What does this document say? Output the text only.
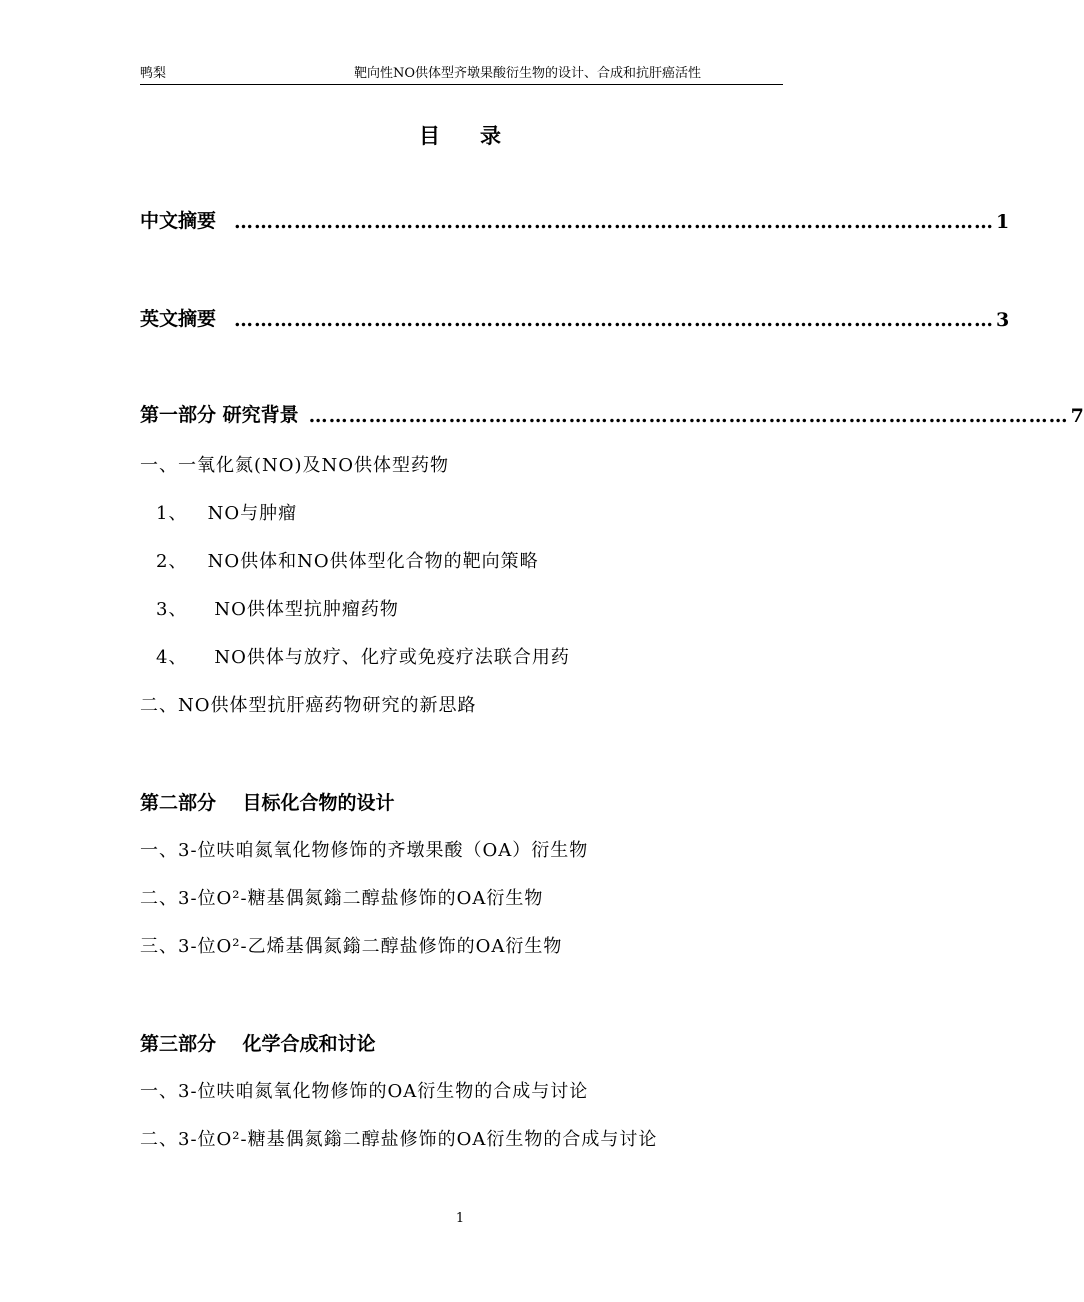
鸭梨	靶向性NO供体型齐墩果酸衍生物的设计、合成和抗肝癌活性
目录
中文摘要 …………………………………………………………………………………………………… 1
英文摘要 …………………………………………………………………………………………………… 3
第一部分 研究背景 …………………………………………………………………………………………………… 7
一、一氧化氮(NO)及NO供体型药物
1、   NO与肿瘤
2、   NO供体和NO供体型化合物的靶向策略
3、    NO供体型抗肿瘤药物
4、    NO供体与放疗、化疗或免疫疗法联合用药
二、NO供体型抗肝癌药物研究的新思路
第二部分    目标化合物的设计
一、3-位呋咱氮氧化物修饰的齐墩果酸（OA）衍生物
二、3-位O²-糖基偶氮鎓二醇盐修饰的OA衍生物
三、3-位O²-乙烯基偶氮鎓二醇盐修饰的OA衍生物
第三部分    化学合成和讨论
一、3-位呋咱氮氧化物修饰的OA衍生物的合成与讨论
二、3-位O²-糖基偶氮鎓二醇盐修饰的OA衍生物的合成与讨论
1
